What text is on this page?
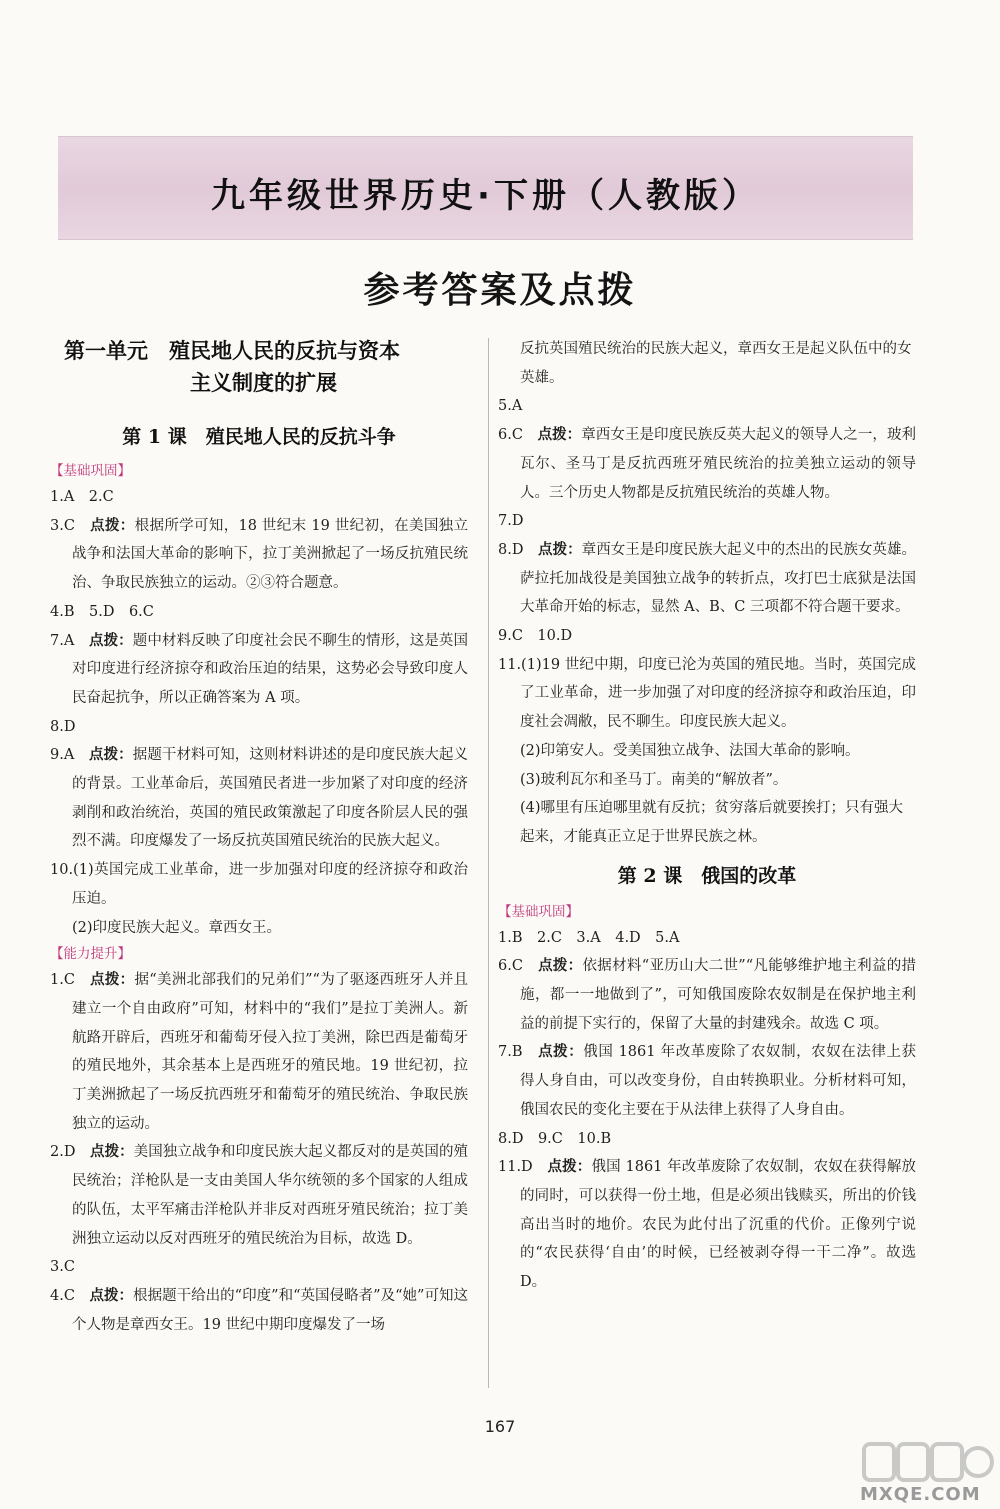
九年级世界历史·下册（人教版）
参考答案及点拨
第一单元　殖民地人民的反抗与资本
主义制度的扩展
第 1 课　殖民地人民的反抗斗争
【基础巩固】
1.A　2.C
3.C　 点拨：根据所学可知，18 世纪末 19 世纪初，在美国独立战争和法国大革命的影响下，拉丁美洲掀起了一场反抗殖民统治、争取民族独立的运动。②③符合题意。
4.B　5.D　6.C
7.A　 点拨：题中材料反映了印度社会民不聊生的情形，这是英国对印度进行经济掠夺和政治压迫的结果，这势必会导致印度人民奋起抗争，所以正确答案为 A 项。
8.D
9.A　 点拨：据题干材料可知，这则材料讲述的是印度民族大起义的背景。工业革命后，英国殖民者进一步加紧了对印度的经济剥削和政治统治，英国的殖民政策激起了印度各阶层人民的强烈不满。印度爆发了一场反抗英国殖民统治的民族大起义。
10.(1)英国完成工业革命，进一步加强对印度的经济掠夺和政治压迫。
(2)印度民族大起义。章西女王。
【能力提升】
1.C　 点拨：据“美洲北部我们的兄弟们”“为了驱逐西班牙人并且建立一个自由政府”可知，材料中的“我们”是拉丁美洲人。新航路开辟后，西班牙和葡萄牙侵入拉丁美洲，除巴西是葡萄牙的殖民地外，其余基本上是西班牙的殖民地。19 世纪初，拉丁美洲掀起了一场反抗西班牙和葡萄牙的殖民统治、争取民族独立的运动。
2.D　 点拨：美国独立战争和印度民族大起义都反对的是英国的殖民统治；洋枪队是一支由美国人华尔统领的多个国家的人组成的队伍，太平军痛击洋枪队并非反对西班牙殖民统治；拉丁美洲独立运动以反对西班牙的殖民统治为目标，故选 D。
3.C
4.C　 点拨：根据题干给出的“印度”和“英国侵略者”及“她”可知这个人物是章西女王。19 世纪中期印度爆发了一场
反抗英国殖民统治的民族大起义，章西女王是起义队伍中的女英雄。
5.A
6.C　 点拨：章西女王是印度民族反英大起义的领导人之一，玻利瓦尔、圣马丁是反抗西班牙殖民统治的拉美独立运动的领导人。三个历史人物都是反抗殖民统治的英雄人物。
7.D
8.D　 点拨：章西女王是印度民族大起义中的杰出的民族女英雄。萨拉托加战役是美国独立战争的转折点，攻打巴士底狱是法国大革命开始的标志，显然 A、B、C 三项都不符合题干要求。
9.C　10.D
11.(1)19 世纪中期，印度已沦为英国的殖民地。当时，英国完成了工业革命，进一步加强了对印度的经济掠夺和政治压迫，印度社会凋敝，民不聊生。印度民族大起义。
(2)印第安人。受美国独立战争、法国大革命的影响。
(3)玻利瓦尔和圣马丁。南美的“解放者”。
(4)哪里有压迫哪里就有反抗；贫穷落后就要挨打；只有强大起来，才能真正立足于世界民族之林。
第 2 课　俄国的改革
【基础巩固】
1.B　2.C　3.A　4.D　5.A
6.C　 点拨：依据材料“亚历山大二世”“凡能够维护地主利益的措施，都一一地做到了”，可知俄国废除农奴制是在保护地主利益的前提下实行的，保留了大量的封建残余。故选 C 项。
7.B　 点拨：俄国 1861 年改革废除了农奴制，农奴在法律上获得人身自由，可以改变身份，自由转换职业。分析材料可知，俄国农民的变化主要在于从法律上获得了人身自由。
8.D　9.C　10.B
11.D　 点拨：俄国 1861 年改革废除了农奴制，农奴在获得解放的同时，可以获得一份土地，但是必须出钱赎买，所出的价钱高出当时的地价。农民为此付出了沉重的代价。正像列宁说的“农民获得‘自由’的时候，已经被剥夺得一干二净”。故选 D。
167
MXQE.COM
